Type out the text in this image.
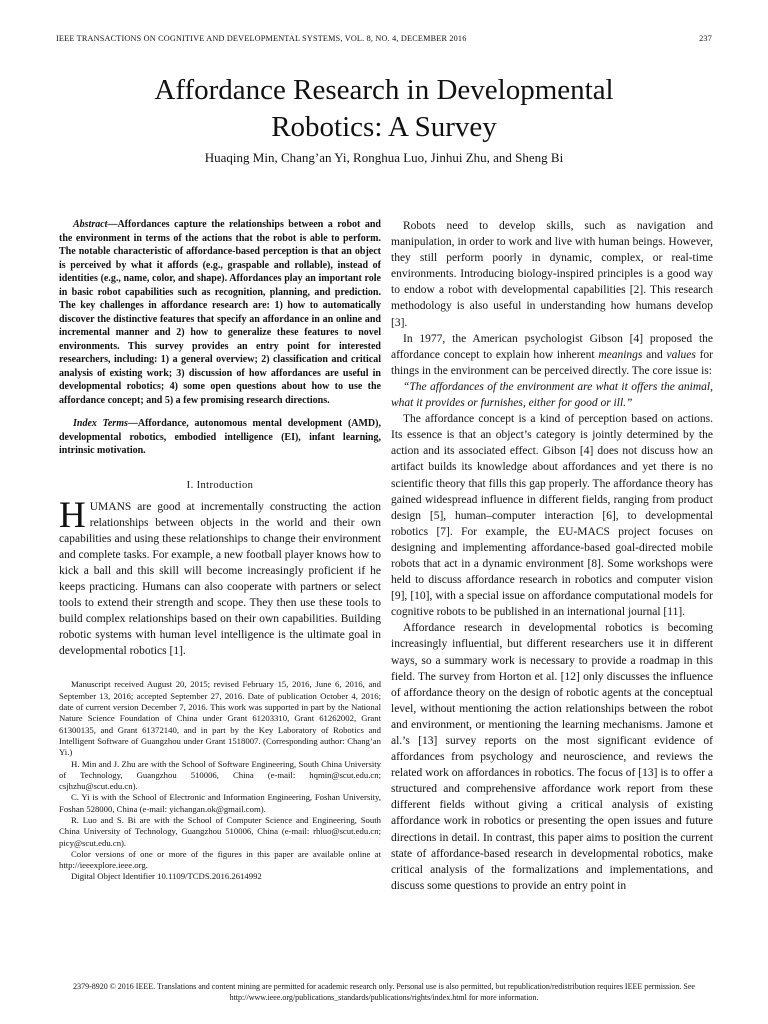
IEEE TRANSACTIONS ON COGNITIVE AND DEVELOPMENTAL SYSTEMS, VOL. 8, NO. 4, DECEMBER 2016	237
Affordance Research in Developmental
Robotics: A Survey
Huaqing Min, Chang’an Yi, Ronghua Luo, Jinhui Zhu, and Sheng Bi

Abstract—Affordances capture the relationships between a robot and the environment in terms of the actions that the robot is able to perform. The notable characteristic of affordance-based perception is that an object is perceived by what it affords (e.g., graspable and rollable), instead of identities (e.g., name, color, and shape). Affordances play an important role in basic robot capabilities such as recognition, planning, and prediction. The key challenges in affordance research are: 1) how to automatically discover the distinctive features that specify an affordance in an online and incremental manner and 2) how to generalize these features to novel environments. This survey provides an entry point for interested researchers, including: 1) a general overview; 2) classification and critical analysis of existing work; 3) discussion of how affordances are useful in developmental robotics; 4) some open questions about how to use the affordance concept; and 5) a few promising research directions.

Index Terms—Affordance, autonomous mental development (AMD), developmental robotics, embodied intelligence (EI), infant learning, intrinsic motivation.

I. Introduction

HUMANS are good at incrementally constructing the action relationships between objects in the world and their own capabilities and using these relationships to change their environment and complete tasks. For example, a new football player knows how to kick a ball and this skill will become increasingly proficient if he keeps practicing. Humans can also cooperate with partners or select tools to extend their strength and scope. They then use these tools to build complex relationships based on their own capabilities. Building robotic systems with human level intelligence is the ultimate goal in developmental robotics [1].

Manuscript received August 20, 2015; revised February 15, 2016, June 6, 2016, and September 13, 2016; accepted September 27, 2016. Date of publication October 4, 2016; date of current version December 7, 2016. This work was supported in part by the National Nature Science Foundation of China under Grant 61203310, Grant 61262002, Grant 61300135, and Grant 61372140, and in part by the Key Laboratory of Robotics and Intelligent Software of Guangzhou under Grant 1518007. (Corresponding author: Chang’an Yi.)

H. Min and J. Zhu are with the School of Software Engineering, South China University of Technology, Guangzhou 510006, China (e-mail: hqmin@scut.edu.cn; csjhzhu@scut.edu.cn).

C. Yi is with the School of Electronic and Information Engineering, Foshan University, Foshan 528000, China (e-mail: yichangan.ok@gmail.com).

R. Luo and S. Bi are with the School of Computer Science and Engineering, South China University of Technology, Guangzhou 510006, China (e-mail: rhluo@scut.edu.cn; picy@scut.edu.cn).

Color versions of one or more of the figures in this paper are available online at http://ieeexplore.ieee.org.

Digital Object Identifier 10.1109/TCDS.2016.2614992

Robots need to develop skills, such as navigation and manipulation, in order to work and live with human beings. However, they still perform poorly in dynamic, complex, or real-time environments. Introducing biology-inspired principles is a good way to endow a robot with developmental capabilities [2]. This research methodology is also useful in understanding how humans develop [3].

In 1977, the American psychologist Gibson [4] proposed the affordance concept to explain how inherent meanings and values for things in the environment can be perceived directly. The core issue is:

“The affordances of the environment are what it offers the animal, what it provides or furnishes, either for good or ill.”

The affordance concept is a kind of perception based on actions. Its essence is that an object’s category is jointly determined by the action and its associated effect. Gibson [4] does not discuss how an artifact builds its knowledge about affordances and yet there is no scientific theory that fills this gap properly. The affordance theory has gained widespread influence in different fields, ranging from product design [5], human–computer interaction [6], to developmental robotics [7]. For example, the EU-MACS project focuses on designing and implementing affordance-based goal-directed mobile robots that act in a dynamic environment [8]. Some workshops were held to discuss affordance research in robotics and computer vision [9], [10], with a special issue on affordance computational models for cognitive robots to be published in an international journal [11].

Affordance research in developmental robotics is becoming increasingly influential, but different researchers use it in different ways, so a summary work is necessary to provide a roadmap in this field. The survey from Horton et al. [12] only discusses the influence of affordance theory on the design of robotic agents at the conceptual level, without mentioning the action relationships between the robot and environment, or mentioning the learning mechanisms. Jamone et al.’s [13] survey reports on the most significant evidence of affordances from psychology and neuroscience, and reviews the related work on affordances in robotics. The focus of [13] is to offer a structured and comprehensive affordance work report from these different fields without giving a critical analysis of existing affordance work in robotics or presenting the open issues and future directions in detail. In contrast, this paper aims to position the current state of affordance-based research in developmental robotics, make critical analysis of the formalizations and implementations, and discuss some questions to provide an entry point in

2379-8920 © 2016 IEEE. Translations and content mining are permitted for academic research only. Personal use is also permitted, but republication/redistribution requires IEEE permission. See http://www.ieee.org/publications_standards/publications/rights/index.html for more information.
